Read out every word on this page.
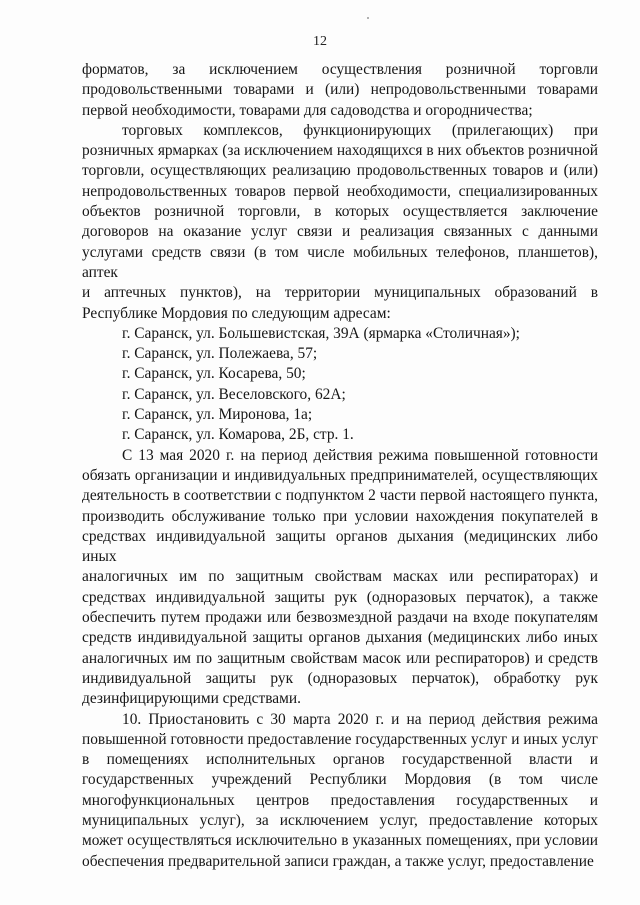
12

форматов, за исключением осуществления розничной торговли

продовольственными товарами и (или) непродовольственными товарами

первой необходимости, товарами для садоводства и огородничества;

торговых комплексов, функционирующих (прилегающих) при

розничных ярмарках (за исключением находящихся в них объектов розничной

торговли, осуществляющих реализацию продовольственных товаров и (или)

непродовольственных товаров первой необходимости, специализированных

объектов розничной торговли, в которых осуществляется заключение

договоров на оказание услуг связи и реализация связанных с данными

услугами средств связи (в том числе мобильных телефонов, планшетов), аптек

и аптечных пунктов), на территории муниципальных образований в

Республике Мордовия по следующим адресам:

г. Саранск, ул. Большевистская, 39А (ярмарка «Столичная»);

г. Саранск, ул. Полежаева, 57;

г. Саранск, ул. Косарева, 50;

г. Саранск, ул. Веселовского, 62А;

г. Саранск, ул. Миронова, 1а;

г. Саранск, ул. Комарова, 2Б, стр. 1.

С 13 мая 2020 г. на период действия режима повышенной готовности

обязать организации и индивидуальных предпринимателей, осуществляющих

деятельность в соответствии с подпунктом 2 части первой настоящего пункта,

производить обслуживание только при условии нахождения покупателей в

средствах индивидуальной защиты органов дыхания (медицинских либо иных

аналогичных им по защитным свойствам масках или респираторах) и

средствах индивидуальной защиты рук (одноразовых перчаток), а также

обеспечить путем продажи или безвозмездной раздачи на входе покупателям

средств индивидуальной защиты органов дыхания (медицинских либо иных

аналогичных им по защитным свойствам масок или респираторов) и средств

индивидуальной защиты рук (одноразовых перчаток), обработку рук

дезинфицирующими средствами.

10. Приостановить с 30 марта 2020 г. и на период действия режима

повышенной готовности предоставление государственных услуг и иных услуг

в помещениях исполнительных органов государственной власти и

государственных учреждений Республики Мордовия (в том числе

многофункциональных центров предоставления государственных и

муниципальных услуг), за исключением услуг, предоставление которых

может осуществляться исключительно в указанных помещениях, при условии

обеспечения предварительной записи граждан, а также услуг, предоставление
